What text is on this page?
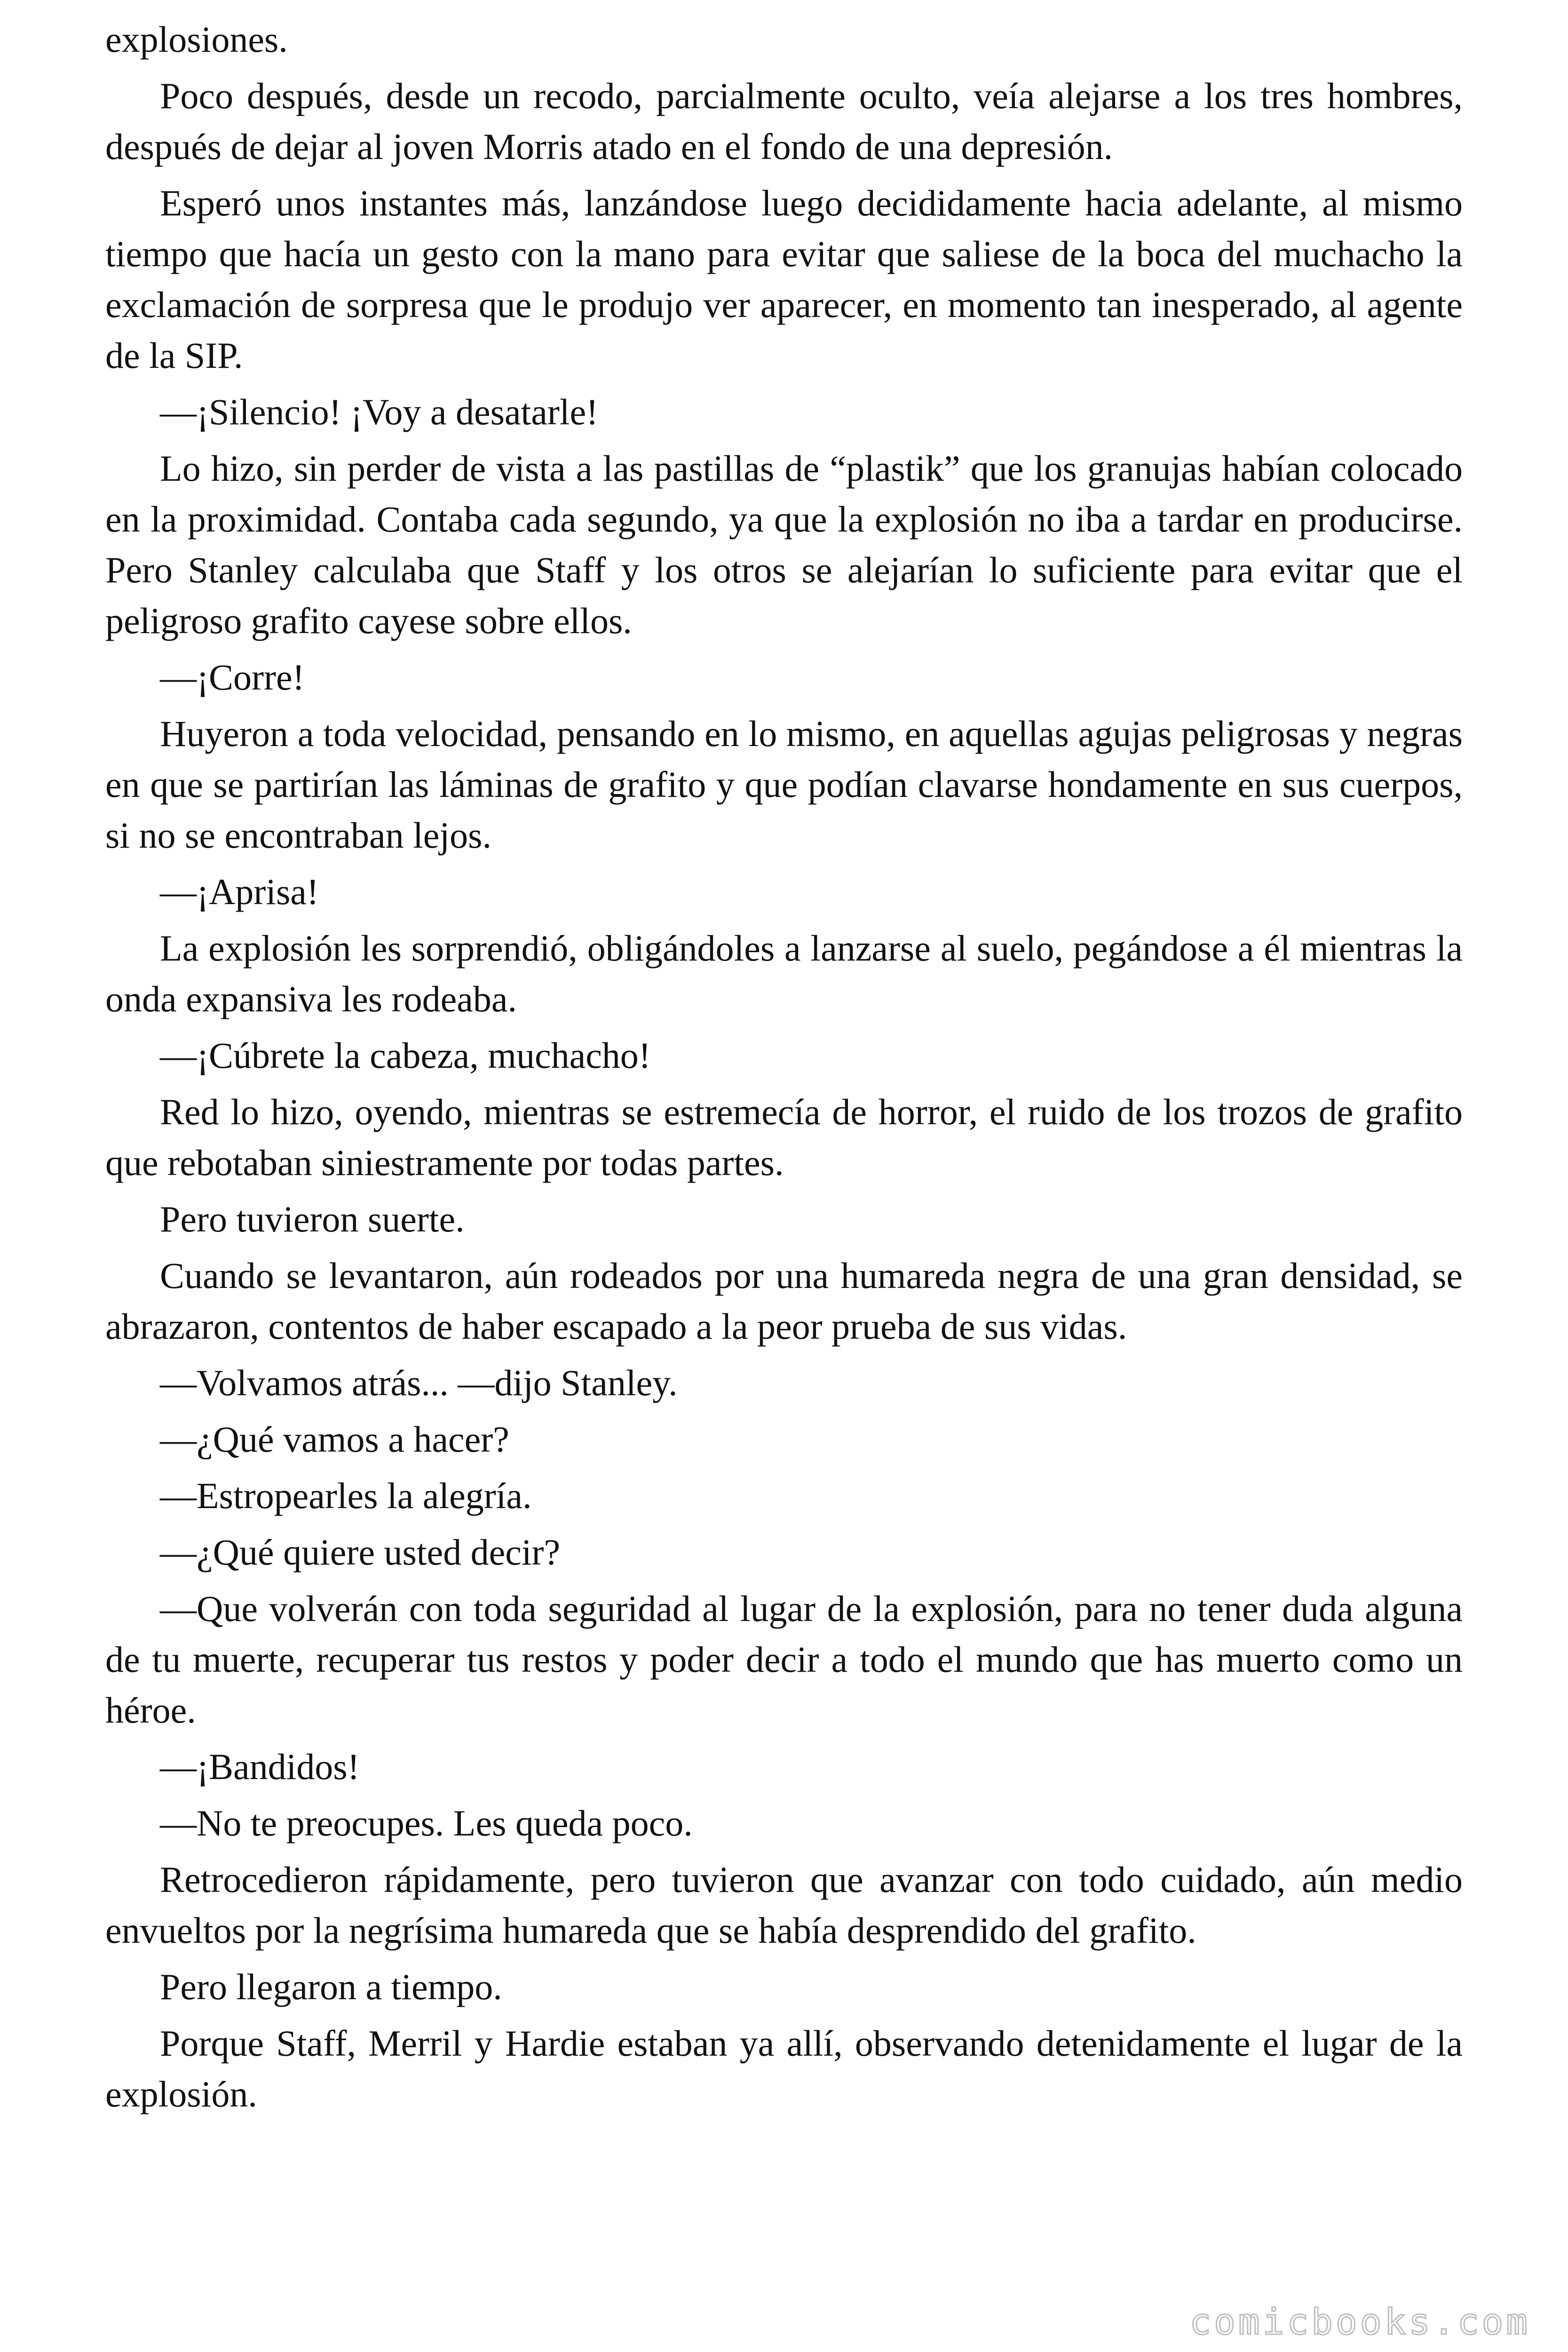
explosiones.

Poco después, desde un recodo, parcialmente oculto, veía alejarse a los tres hombres, después de dejar al joven Morris atado en el fondo de una depresión.

Esperó unos instantes más, lanzándose luego decididamente hacia adelante, al mismo tiempo que hacía un gesto con la mano para evitar que saliese de la boca del muchacho la exclamación de sorpresa que le produjo ver aparecer, en momento tan inesperado, al agente de la SIP.

—¡Silencio! ¡Voy a desatarle!

Lo hizo, sin perder de vista a las pastillas de “plastik” que los granujas habían colocado en la proximidad. Contaba cada segundo, ya que la explosión no iba a tardar en producirse. Pero Stanley calculaba que Staff y los otros se alejarían lo suficiente para evitar que el peligroso grafito cayese sobre ellos.

—¡Corre!

Huyeron a toda velocidad, pensando en lo mismo, en aquellas agujas peligrosas y negras en que se partirían las láminas de grafito y que podían clavarse hondamente en sus cuerpos, si no se encontraban lejos.

—¡Aprisa!

La explosión les sorprendió, obligándoles a lanzarse al suelo, pegándose a él mientras la onda expansiva les rodeaba.

—¡Cúbrete la cabeza, muchacho!

Red lo hizo, oyendo, mientras se estremecía de horror, el ruido de los trozos de grafito que rebotaban siniestramente por todas partes.

Pero tuvieron suerte.

Cuando se levantaron, aún rodeados por una humareda negra de una gran densidad, se abrazaron, contentos de haber escapado a la peor prueba de sus vidas.

—Volvamos atrás... —dijo Stanley.

—¿Qué vamos a hacer?

—Estropearles la alegría.

—¿Qué quiere usted decir?

—Que volverán con toda seguridad al lugar de la explosión, para no tener duda alguna de tu muerte, recuperar tus restos y poder decir a todo el mundo que has muerto como un héroe.

—¡Bandidos!

—No te preocupes. Les queda poco.

Retrocedieron rápidamente, pero tuvieron que avanzar con todo cuidado, aún medio envueltos por la negrísima humareda que se había desprendido del grafito.

Pero llegaron a tiempo.

Porque Staff, Merril y Hardie estaban ya allí, observando detenidamente el lugar de la explosión.

comicbooks.com
